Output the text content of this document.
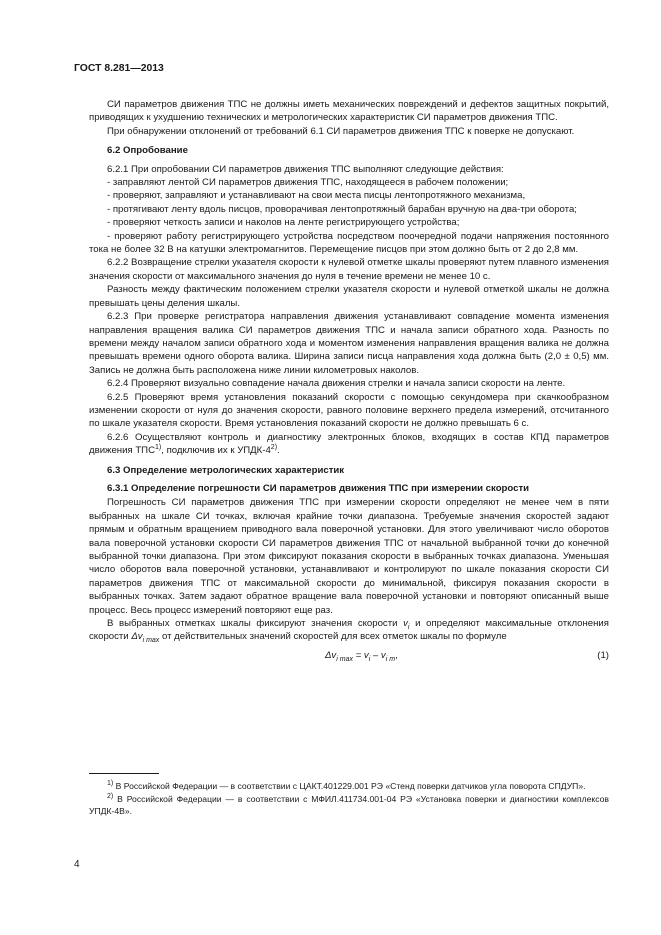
ГОСТ 8.281—2013

СИ параметров движения ТПС не должны иметь механических повреждений и дефектов защитных покрытий, приводящих к ухудшению технических и метрологических характеристик СИ параметров движения ТПС.

При обнаружении отклонений от требований 6.1 СИ параметров движения ТПС к поверке не допускают.

6.2 Опробование

6.2.1 При опробовании СИ параметров движения ТПС выполняют следующие действия:

- заправляют лентой СИ параметров движения ТПС, находящееся в рабочем положении;

- проверяют, заправляют и устанавливают на свои места писцы лентопротяжного механизма,

- протягивают ленту вдоль писцов, проворачивая лентопротяжный барабан вручную на два-три оборота;

- проверяют четкость записи и наколов на ленте регистрирующего устройства;

- проверяют работу регистрирующего устройства посредством поочередной подачи напряжения постоянного тока не более 32 В на катушки электромагнитов. Перемещение писцов при этом должно быть от 2 до 2,8 мм.

6.2.2 Возвращение стрелки указателя скорости к нулевой отметке шкалы проверяют путем плавного изменения значения скорости от максимального значения до нуля в течение времени не менее 10 с.

Разность между фактическим положением стрелки указателя скорости и нулевой отметкой шкалы не должна превышать цены деления шкалы.

6.2.3 При проверке регистратора направления движения устанавливают совпадение момента изменения направления вращения валика СИ параметров движения ТПС и начала записи обратного хода. Разность по времени между началом записи обратного хода и моментом изменения направления вращения валика не должна превышать времени одного оборота валика. Ширина записи писца направления хода должна быть (2,0 ± 0,5) мм. Запись не должна быть расположена ниже линии километровых наколов.

6.2.4 Проверяют визуально совпадение начала движения стрелки и начала записи скорости на ленте.

6.2.5 Проверяют время установления показаний скорости с помощью секундомера при скачкообразном изменении скорости от нуля до значения скорости, равного половине верхнего предела измерений, отсчитанного по шкале указателя скорости. Время установления показаний скорости не должно превышать 6 с.

6.2.6 Осуществляют контроль и диагностику электронных блоков, входящих в состав КПД параметров движения ТПС$^{1)}$, подключив их к УПДК-4$^{2)}$.

6.3 Определение метрологических характеристик

6.3.1 Определение погрешности СИ параметров движения ТПС при измерении скорости

Погрешность СИ параметров движения ТПС при измерении скорости определяют не менее чем в пяти выбранных на шкале СИ точках, включая крайние точки диапазона. Требуемые значения скоростей задают прямым и обратным вращением приводного вала поверочной установки. Для этого увеличивают число оборотов вала поверочной установки скорости СИ параметров движения ТПС от начальной выбранной точки до конечной выбранной точки диапазона. При этом фиксируют показания скорости в выбранных точках диапазона. Уменьшая число оборотов вала поверочной установки, устанавливают и контролируют по шкале показания скорости СИ параметров движения ТПС от максимальной скорости до минимальной, фиксируя показания скорости в выбранных точках. Затем задают обратное вращение вала поверочной установки и повторяют описанный выше процесс. Весь процесс измерений повторяют еще раз.

В выбранных отметках шкалы фиксируют значения скорости $v_i$ и определяют максимальные отклонения скорости $\Delta v_{i max}$ от действительных значений скоростей для всех отметок шкалы по формуле

$\Delta v_{i max} = v_i - v_{i т}$,	(1)

$^{1)}$ В Российской Федерации — в соответствии с ЦАКТ.401229.001 РЭ «Стенд поверки датчиков угла поворота СПДУП».

$^{2)}$ В Российской Федерации — в соответствии с МФИЛ.411734.001-04 РЭ «Установка поверки и диагностики комплексов УПДК-4В».

4
